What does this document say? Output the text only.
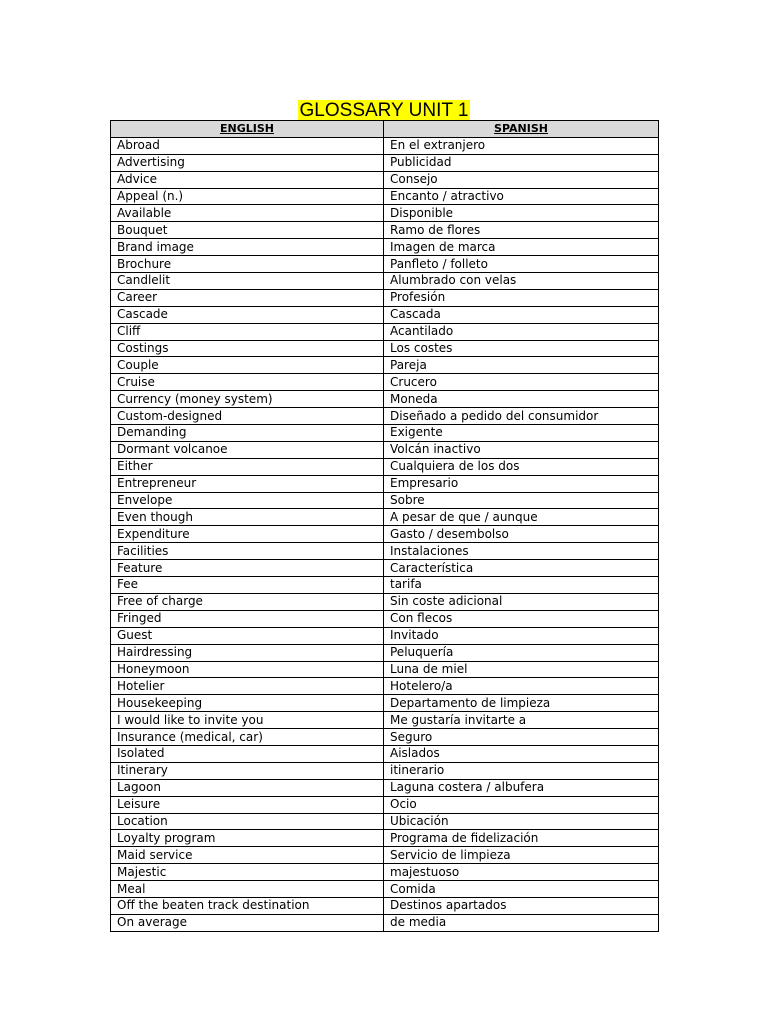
GLOSSARY UNIT 1
ENGLISH	SPANISH
Abroad	En el extranjero
Advertising	Publicidad
Advice	Consejo
Appeal (n.)	Encanto / atractivo
Available	Disponible
Bouquet	Ramo de flores
Brand image	Imagen de marca
Brochure	Panfleto / folleto
Candlelit	Alumbrado con velas
Career	Profesión
Cascade	Cascada
Cliff	Acantilado
Costings	Los costes
Couple	Pareja
Cruise	Crucero
Currency (money system)	Moneda
Custom-designed	Diseñado a pedido del consumidor
Demanding	Exigente
Dormant volcanoe	Volcán inactivo
Either	Cualquiera de los dos
Entrepreneur	Empresario
Envelope	Sobre
Even though	A pesar de que / aunque
Expenditure	Gasto / desembolso
Facilities	Instalaciones
Feature	Característica
Fee	tarifa
Free of charge	Sin coste adicional
Fringed	Con flecos
Guest	Invitado
Hairdressing	Peluquería
Honeymoon	Luna de miel
Hotelier	Hotelero/a
Housekeeping	Departamento de limpieza
I would like to invite you	Me gustaría invitarte a
Insurance (medical, car)	Seguro
Isolated	Aislados
Itinerary	itinerario
Lagoon	Laguna costera / albufera
Leisure	Ocio
Location	Ubicación
Loyalty program	Programa de fidelización
Maid service	Servicio de limpieza
Majestic	majestuoso
Meal	Comida
Off the beaten track destination	Destinos apartados
On average	de media
